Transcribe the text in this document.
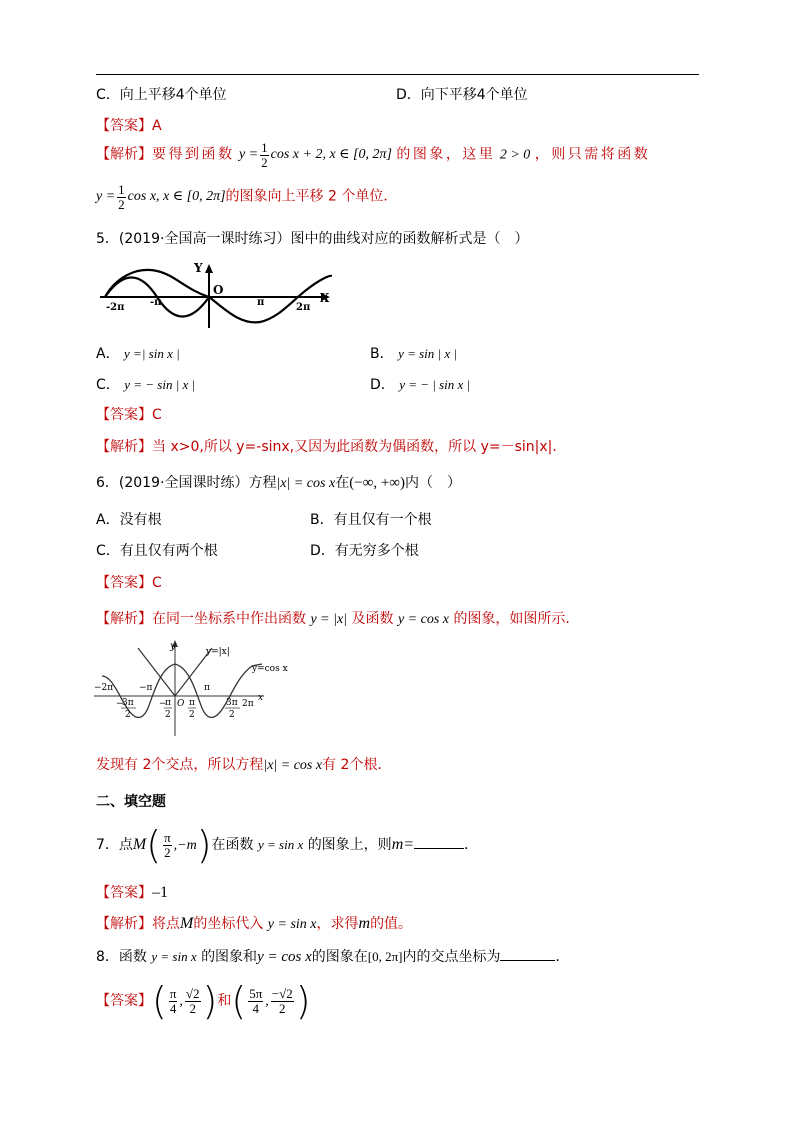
C．向上平移4个单位	D．向下平移4个单位
【答案】A
【解析】要得到函数 $y = \frac{1}{2}$ cos x + 2, x ∈ [0, 2π] 的图象，这里 2 > 0 ，则只需将函数
$y = \frac{1}{2}$ cos x, x ∈ [0, 2π]的图象向上平移 2 个单位．
5．(2019·全国高一课时练习）图中的曲线对应的函数解析式是（　）
Y
O
X
-2π	-π	π	2π
A． y =| sin x |	B． y = sin | x |
C． y = − sin | x |	D． y = − | sin x |
【答案】C
【解析】当 x>0,所以 y=-sinx,又因为此函数为偶函数，所以 y=－sin|x|.
6．(2019·全国课时练）方程|x| = cos x在(−∞, +∞)内（　）
A．没有根	B．有且仅有一个根
C．有且仅有两个根	D．有无穷多个根
【答案】C
【解析】在同一坐标系中作出函数 y = |x| 及函数 y = cos x 的图象，如图所示．
y	y=|x|
y=cos x
−2π	−π	π
O	2π
x
−
3π
2
−
π
2
π
2
3π
2
发现有 2个交点，所以方程|x| = cos x有 2个根．
二、填空题
7．点$M( \frac{\pi}{2} ,-m)$在函数 y = sin x 的图象上，则m=	．
【答案】–1
【解析】将点M的坐标代入 y = sin x，求得m的值。
8．函数 y = sin x 的图象和y = cos x的图象在[0, 2π]内的交点坐标为	．
【答案】( $\frac{\pi}{4}$ , $\frac{√2}{2}$ )和( $\frac{5\pi}{4}$ , $\frac{-√2}{2}$ )
